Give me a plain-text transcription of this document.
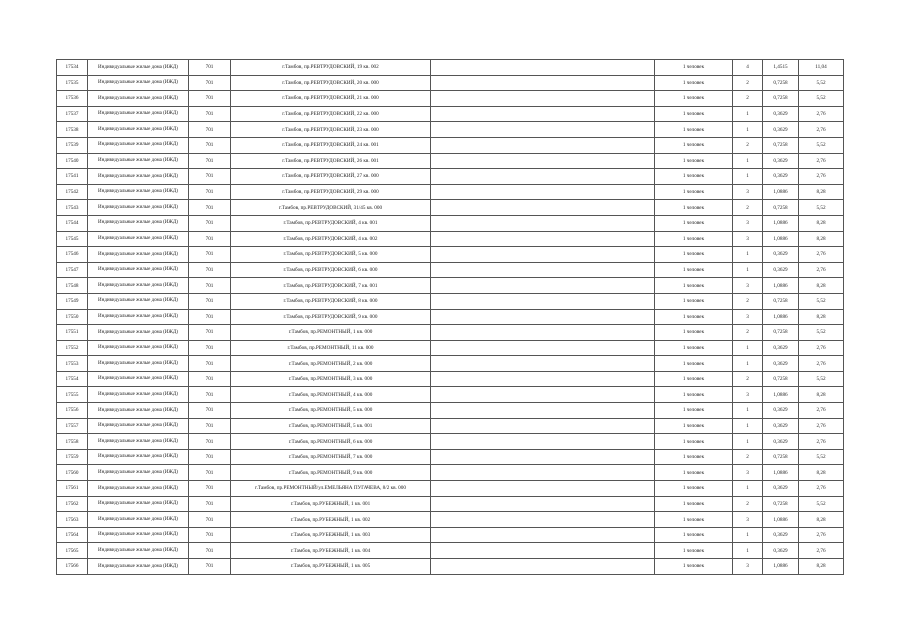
17534	Индивидуальные жилые дома (ИЖД)	701	г.Тамбов, пр.РЕВТРУДОВСКИЙ, 19 кв. 002		1 человек	4	1,4515	11,04
17535	Индивидуальные жилые дома (ИЖД)	701	г.Тамбов, пр.РЕВТРУДОВСКИЙ, 20 кв. 000		1 человек	2	0,7258	5,52
17536	Индивидуальные жилые дома (ИЖД)	701	г.Тамбов, пр.РЕВТРУДОВСКИЙ, 21 кв. 000		1 человек	2	0,7258	5,52
17537	Индивидуальные жилые дома (ИЖД)	701	г.Тамбов, пр.РЕВТРУДОВСКИЙ, 22 кв. 000		1 человек	1	0,3629	2,76
17538	Индивидуальные жилые дома (ИЖД)	701	г.Тамбов, пр.РЕВТРУДОВСКИЙ, 23 кв. 000		1 человек	1	0,3629	2,76
17539	Индивидуальные жилые дома (ИЖД)	701	г.Тамбов, пр.РЕВТРУДОВСКИЙ, 24 кв. 001		1 человек	2	0,7258	5,52
17540	Индивидуальные жилые дома (ИЖД)	701	г.Тамбов, пр.РЕВТРУДОВСКИЙ, 26 кв. 001		1 человек	1	0,3629	2,76
17541	Индивидуальные жилые дома (ИЖД)	701	г.Тамбов, пр.РЕВТРУДОВСКИЙ, 27 кв. 000		1 человек	1	0,3629	2,76
17542	Индивидуальные жилые дома (ИЖД)	701	г.Тамбов, пр.РЕВТРУДОВСКИЙ, 29 кв. 000		1 человек	3	1,0886	8,28
17543	Индивидуальные жилые дома (ИЖД)	701	г.Тамбов, пр.РЕВТРУДОВСКИЙ, 31/45 кв. 000		1 человек	2	0,7258	5,52
17544	Индивидуальные жилые дома (ИЖД)	701	г.Тамбов, пр.РЕВТРУДОВСКИЙ, 4 кв. 001		1 человек	3	1,0886	8,28
17545	Индивидуальные жилые дома (ИЖД)	701	г.Тамбов, пр.РЕВТРУДОВСКИЙ, 4 кв. 002		1 человек	3	1,0886	8,28
17546	Индивидуальные жилые дома (ИЖД)	701	г.Тамбов, пр.РЕВТРУДОВСКИЙ, 5 кв. 000		1 человек	1	0,3629	2,76
17547	Индивидуальные жилые дома (ИЖД)	701	г.Тамбов, пр.РЕВТРУДОВСКИЙ, 6 кв. 000		1 человек	1	0,3629	2,76
17548	Индивидуальные жилые дома (ИЖД)	701	г.Тамбов, пр.РЕВТРУДОВСКИЙ, 7 кв. 001		1 человек	3	1,0886	8,28
17549	Индивидуальные жилые дома (ИЖД)	701	г.Тамбов, пр.РЕВТРУДОВСКИЙ, 8 кв. 000		1 человек	2	0,7258	5,52
17550	Индивидуальные жилые дома (ИЖД)	701	г.Тамбов, пр.РЕВТРУДОВСКИЙ, 9 кв. 000		1 человек	3	1,0886	8,28
17551	Индивидуальные жилые дома (ИЖД)	701	г.Тамбов, пр.РЕМОНТНЫЙ, 1 кв. 000		1 человек	2	0,7258	5,52
17552	Индивидуальные жилые дома (ИЖД)	701	г.Тамбов, пр.РЕМОНТНЫЙ, 11 кв. 000		1 человек	1	0,3629	2,76
17553	Индивидуальные жилые дома (ИЖД)	701	г.Тамбов, пр.РЕМОНТНЫЙ, 2 кв. 000		1 человек	1	0,3629	2,76
17554	Индивидуальные жилые дома (ИЖД)	701	г.Тамбов, пр.РЕМОНТНЫЙ, 3 кв. 000		1 человек	2	0,7258	5,52
17555	Индивидуальные жилые дома (ИЖД)	701	г.Тамбов, пр.РЕМОНТНЫЙ, 4 кв. 000		1 человек	3	1,0886	8,28
17556	Индивидуальные жилые дома (ИЖД)	701	г.Тамбов, пр.РЕМОНТНЫЙ, 5 кв. 000		1 человек	1	0,3629	2,76
17557	Индивидуальные жилые дома (ИЖД)	701	г.Тамбов, пр.РЕМОНТНЫЙ, 5 кв. 001		1 человек	1	0,3629	2,76
17558	Индивидуальные жилые дома (ИЖД)	701	г.Тамбов, пр.РЕМОНТНЫЙ, 6 кв. 000		1 человек	1	0,3629	2,76
17559	Индивидуальные жилые дома (ИЖД)	701	г.Тамбов, пр.РЕМОНТНЫЙ, 7 кв. 000		1 человек	2	0,7258	5,52
17560	Индивидуальные жилые дома (ИЖД)	701	г.Тамбов, пр.РЕМОНТНЫЙ, 9 кв. 000		1 человек	3	1,0886	8,28
17561	Индивидуальные жилые дома (ИЖД)	701	г.Тамбов, пр.РЕМОНТНЫЙ/ул.ЕМЕЛЬЯНА ПУГАЧЕВА, 8/2 кв. 000		1 человек	1	0,3629	2,76
17562	Индивидуальные жилые дома (ИЖД)	701	г.Тамбов, пр.РУБЕЖНЫЙ, 1 кв. 001		1 человек	2	0,7258	5,52
17563	Индивидуальные жилые дома (ИЖД)	701	г.Тамбов, пр.РУБЕЖНЫЙ, 1 кв. 002		1 человек	3	1,0886	8,28
17564	Индивидуальные жилые дома (ИЖД)	701	г.Тамбов, пр.РУБЕЖНЫЙ, 1 кв. 003		1 человек	1	0,3629	2,76
17565	Индивидуальные жилые дома (ИЖД)	701	г.Тамбов, пр.РУБЕЖНЫЙ, 1 кв. 004		1 человек	1	0,3629	2,76
17566	Индивидуальные жилые дома (ИЖД)	701	г.Тамбов, пр.РУБЕЖНЫЙ, 1 кв. 005		1 человек	3	1,0886	8,28
